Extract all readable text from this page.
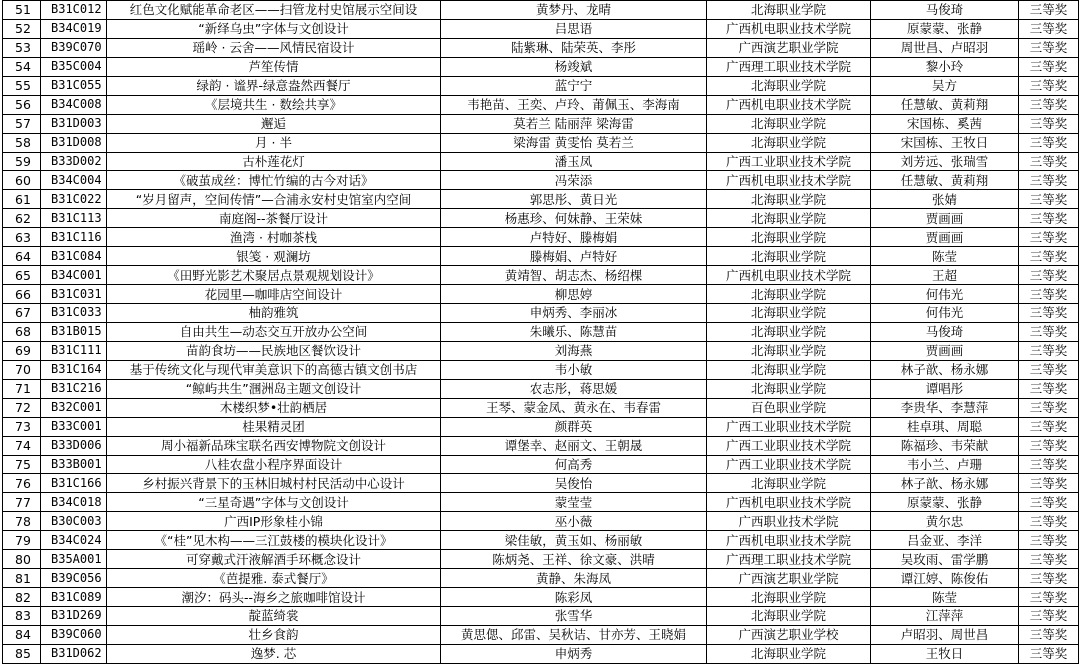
51	B31C012	红色文化赋能革命老区——扫管龙村史馆展示空间设	黄梦丹、龙晴	北海职业学院	马俊琦	三等奖
52	B34C019	“新绎乌虫”字体与文创设计	吕思语	广西机电职业技术学院	原蒙蒙、张静	三等奖
53	B39C070	瑶岭 · 云舍——风情民宿设计	陆紫琳、陆荣英、李彤	广西演艺职业学院	周世昌、卢昭羽	三等奖
54	B35C004	芦笙传情	杨竣斌	广西理工职业技术学院	黎小玲	三等奖
55	B31C055	绿韵 · 谧界-绿意盎然西餐厅	蓝宁宁	北海职业学院	吴方	三等奖
56	B34C008	《层境共生 · 数绘共享》	韦艳苗、王奕、卢玲、莆佩玉、李海南	广西机电职业技术学院	任慧敏、黄莉翔	三等奖
57	B31D003	邂逅	莫若兰 陆丽萍 梁海雷	北海职业学院	宋国栋、奚茜	三等奖
58	B31D008	月 · 半	梁海雷 黄雯怡 莫若兰	北海职业学院	宋国栋、王牧日	三等奖
59	B33D002	古朴莲花灯	潘玉凤	广西工业职业技术学院	刘芳远、张瑞雪	三等奖
60	B34C004	《破茧成丝：博忙竹编的古今对话》	冯荣添	广西机电职业技术学院	任慧敏、黄莉翔	三等奖
61	B31C022	“岁月留声，空间传情”—合浦永安村史馆室内空间	郭思彤、黄日光	北海职业学院	张婧	三等奖
62	B31C113	南庭阁--茶餐厅设计	杨惠珍、何妹静、王荣妹	北海职业学院	贾画画	三等奖
63	B31C116	渔湾 · 村咖茶栈	卢特好、滕梅娟	北海职业学院	贾画画	三等奖
64	B31C084	银笺 · 观澜坊	滕梅娟、卢特好	北海职业学院	陈莹	三等奖
65	B34C001	《田野光影艺术聚居点景观规划设计》	黄靖智、胡志杰、杨绍棵	广西机电职业技术学院	王超	三等奖
66	B31C031	花园里—咖啡店空间设计	柳思婷	北海职业学院	何伟光	三等奖
67	B31C033	柚韵雅筑	申炳秀、李丽冰	北海职业学院	何伟光	三等奖
68	B31B015	自由共生—动态交互开放办公空间	朱曦乐、陈慧苗	北海职业学院	马俊琦	三等奖
69	B31C111	苗韵食坊——民族地区餐饮设计	刘海燕	北海职业学院	贾画画	三等奖
70	B31C164	基于传统文化与现代审美意识下的高德古镇文创书店	韦小敏	北海职业学院	林子歆、杨永娜	三等奖
71	B31C216	“鲸屿共生”涠洲岛主题文创设计	农志彤，蒋思媛	北海职业学院	谭唱彤	三等奖
72	B32C001	木楼织梦•壮韵栖居	王琴、蒙金凤、黄永在、韦春雷	百色职业学院	李贵华、李慧萍	三等奖
73	B33C001	桂果精灵团	颜群英	广西工业职业技术学院	桂卓琪、周聪	三等奖
74	B33D006	周小福新品珠宝联名西安博物院文创设计	谭堡幸、赵丽文、王朝晟	广西工业职业技术学院	陈福珍、韦荣献	三等奖
75	B33B001	八桂农盘小程序界面设计	何高秀	广西工业职业技术学院	韦小兰、卢珊	三等奖
76	B31C166	乡村振兴背景下的玉林旧城村村民活动中心设计	吴俊怡	北海职业学院	林子歆、杨永娜	三等奖
77	B34C018	“三星奇遇”字体与文创设计	蒙莹莹	广西机电职业技术学院	原蒙蒙、张静	三等奖
78	B30C003	广西IP形象桂小锦	巫小薇	广西职业技术学院	黄尔忠	三等奖
79	B34C024	《“桂”见木构——三江鼓楼的模块化设计》	梁佳敏，黄玉如、杨丽敏	广西机电职业技术学院	吕金亚、李洋	三等奖
80	B35A001	可穿戴式汗液解酒手环概念设计	陈炳尧、王祥、徐文豪、洪晴	广西理工职业技术学院	吴玫雨、雷学鹏	三等奖
81	B39C056	《芭提雅. 泰式餐厅》	黄静、朱海凤	广西演艺职业学院	谭江婷、陈俊佑	三等奖
82	B31C089	潮汐：码头--海乡之旅咖啡馆设计	陈彩凤	北海职业学院	陈莹	三等奖
83	B31D269	靛蓝绮裳	张雪华	北海职业学院	江萍萍	三等奖
84	B39C060	壮乡食韵	黄思偲、邱雷、吴秋诘、甘亦芳、王晓娟	广西演艺职业学校	卢昭羽、周世昌	三等奖
85	B31D062	逸梦. 芯	申炳秀	北海职业学院	王牧日	三等奖
